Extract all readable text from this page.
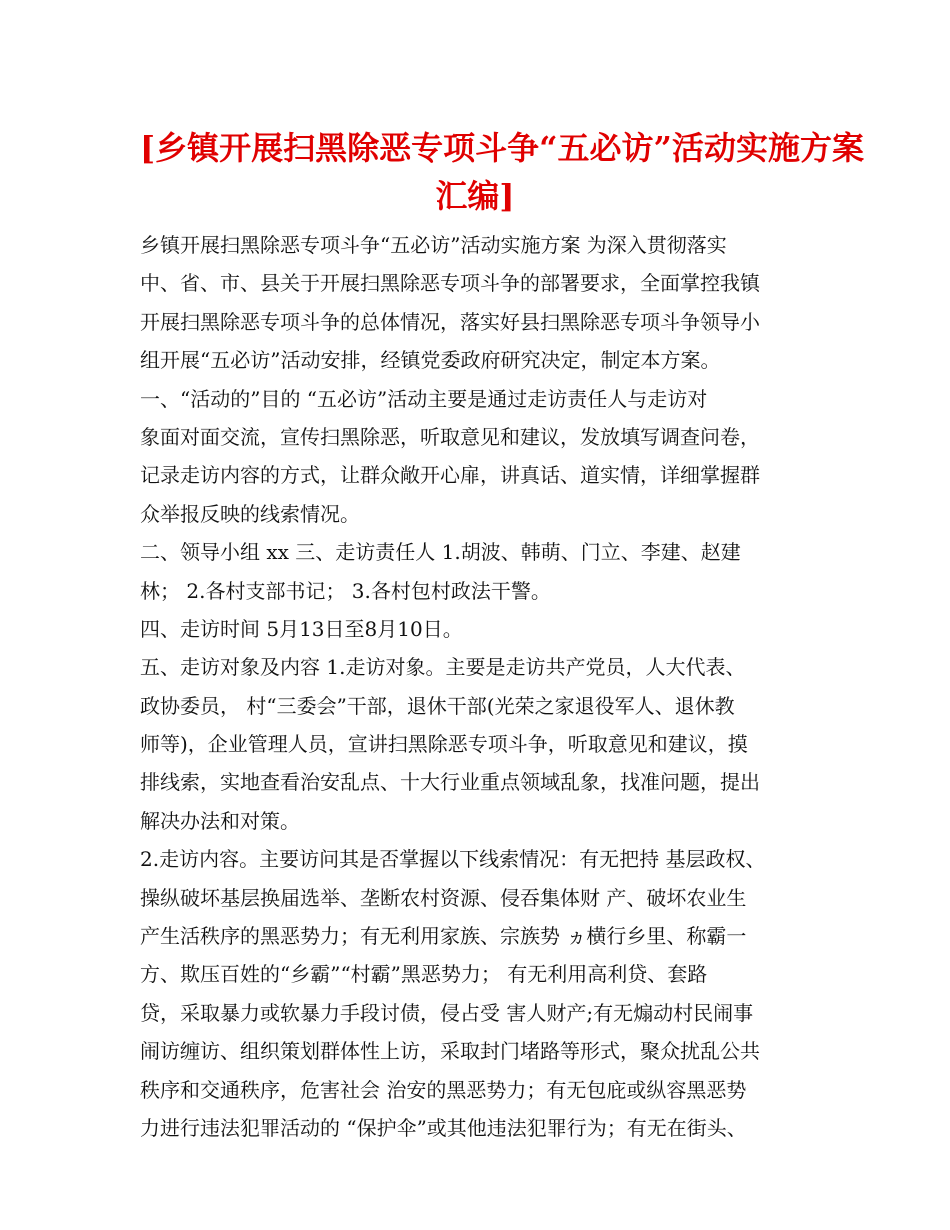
[乡镇开展扫黑除恶专项斗争“五必访”活动实施方案
汇编]
乡镇开展扫黑除恶专项斗争“五必访”活动实施方案 为深入贯彻落实
中、省、市、县关于开展扫黑除恶专项斗争的部署要求，全面掌控我镇
开展扫黑除恶专项斗争的总体情况，落实好县扫黑除恶专项斗争领导小
组开展“五必访”活动安排，经镇党委政府研究决定，制定本方案。
一、“活动的”目的 “五必访”活动主要是通过走访责任人与走访对
象面对面交流，宣传扫黑除恶，听取意见和建议，发放填写调查问卷，
记录走访内容的方式，让群众敞开心扉，讲真话、道实情，详细掌握群
众举报反映的线索情况。
二、领导小组 xx 三、走访责任人 1.胡波、韩萌、门立、李建、赵建
林； 2.各村支部书记； 3.各村包村政法干警。
四、走访时间 5月13日至8月10日。
五、走访对象及内容 1.走访对象。主要是走访共产党员，人大代表、
政协委员， 村“三委会”干部，退休干部(光荣之家退役军人、退休教
师等)，企业管理人员，宣讲扫黑除恶专项斗争，听取意见和建议，摸
排线索，实地查看治安乱点、十大行业重点领域乱象，找准问题，提出
解决办法和对策。
2.走访内容。主要访问其是否掌握以下线索情况：有无把持 基层政权、
操纵破坏基层换届选举、垄断农村资源、侵吞集体财 产、破坏农业生
产生活秩序的黑恶势力；有无利用家族、宗族势 ヵ横行乡里、称霸一
方、欺压百姓的“乡霸”“村霸”黑恶势力； 有无利用高利贷、套路
贷，采取暴力或软暴力手段讨债，侵占受 害人财产;有无煽动村民闹事
闹访缠访、组织策划群体性上访，采取封门堵路等形式，聚众扰乱公共
秩序和交通秩序，危害社会 治安的黑恶势力；有无包庇或纵容黑恶势
力进行违法犯罪活动的 “保护伞”或其他违法犯罪行为；有无在街头、
